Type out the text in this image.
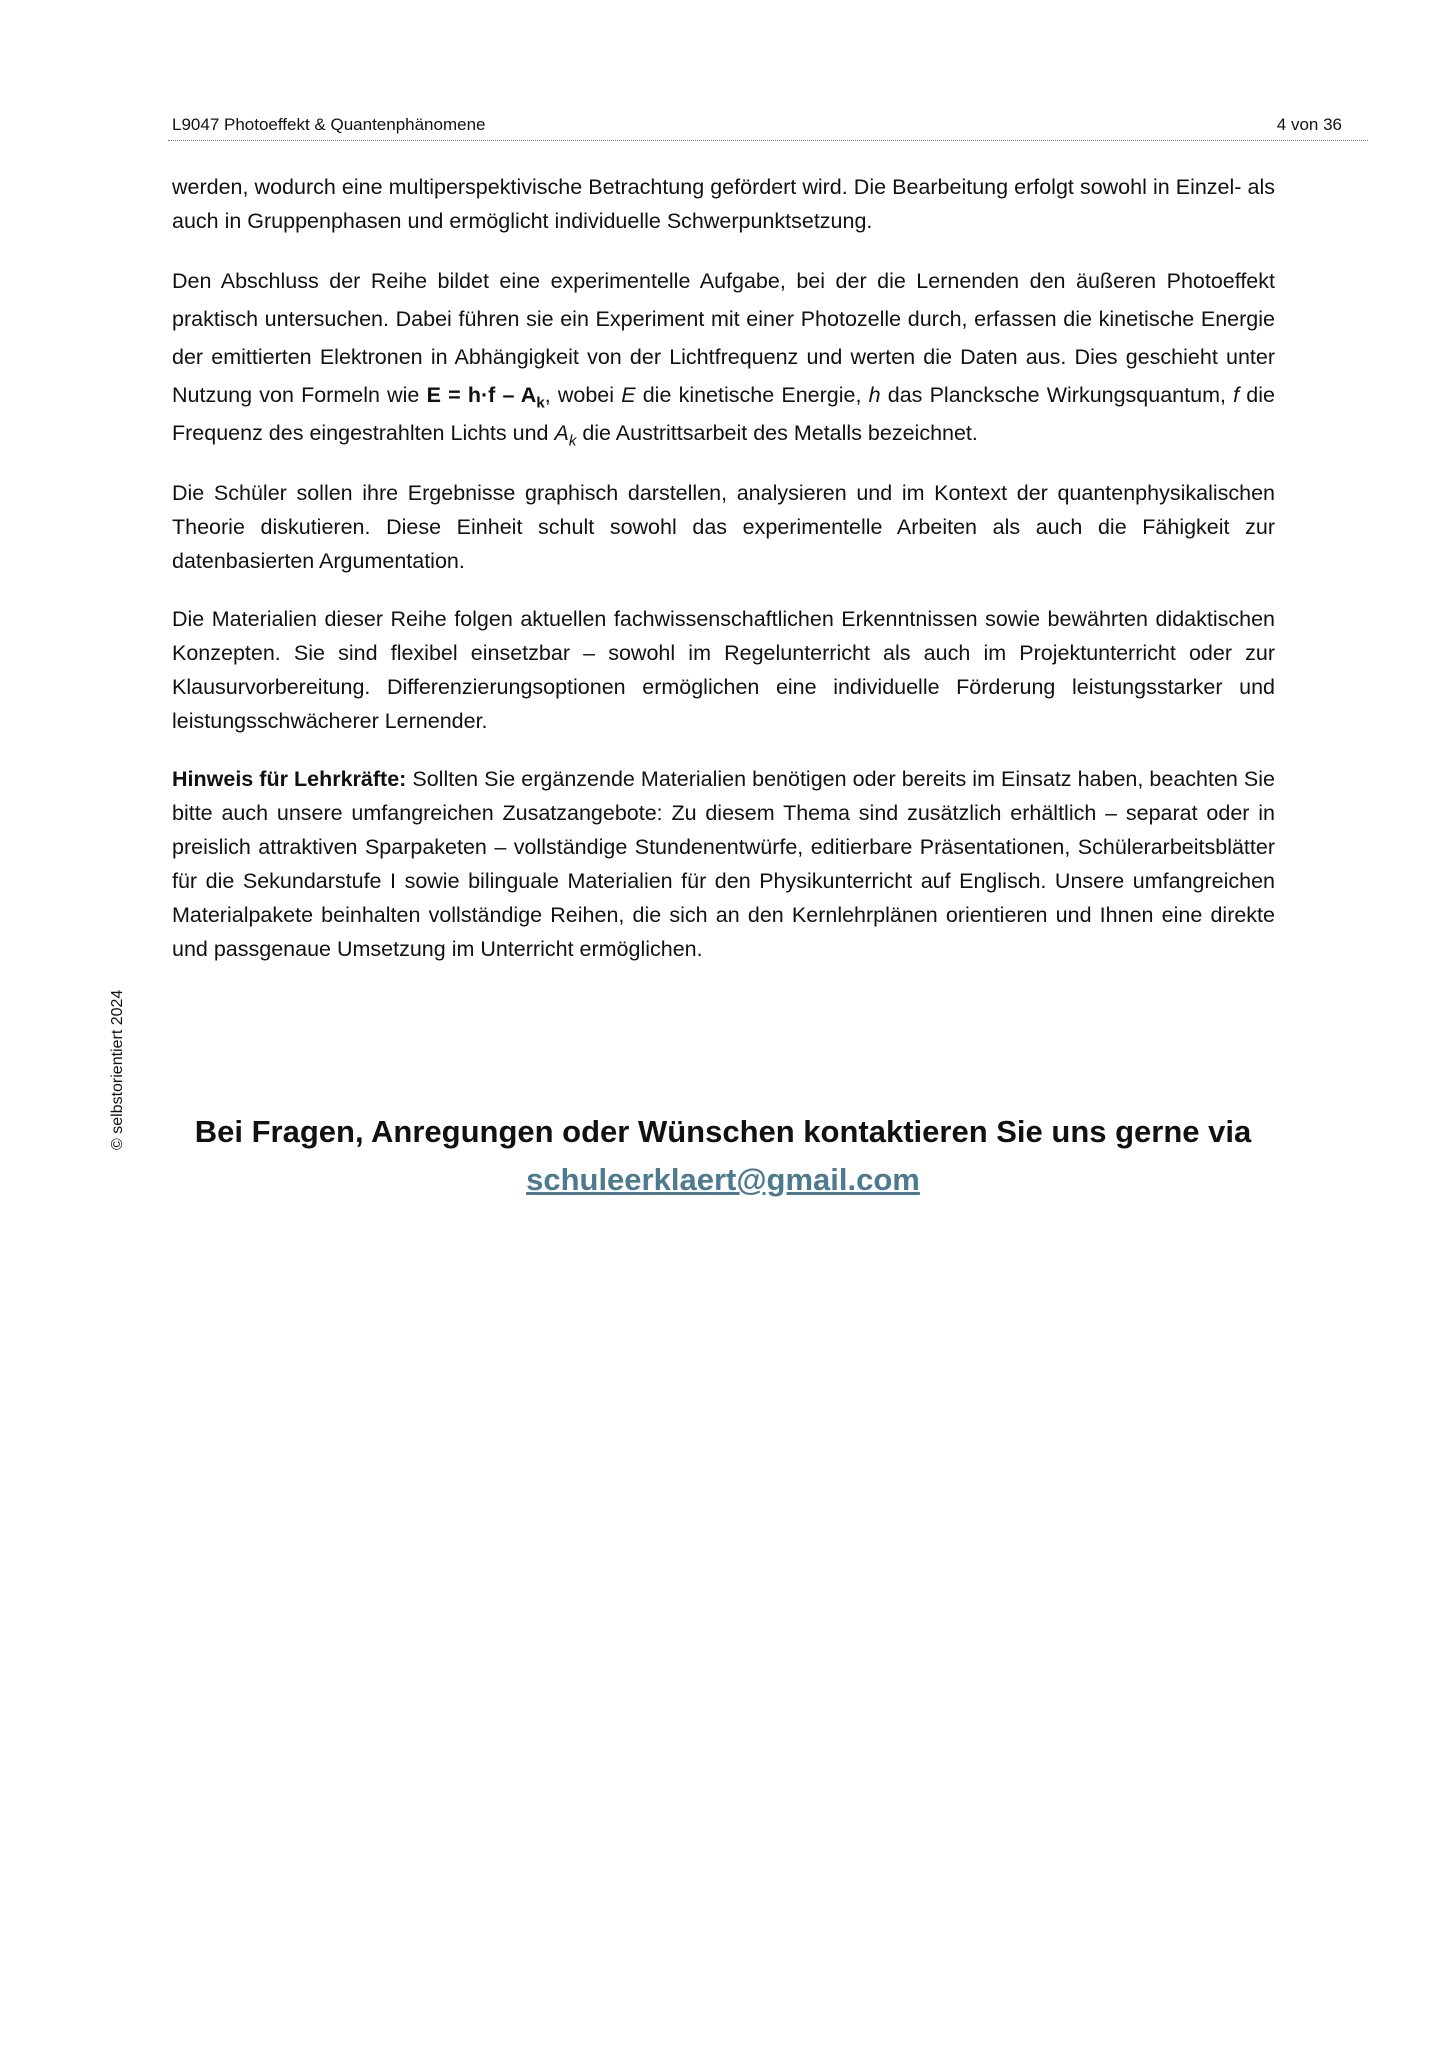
L9047 Photoeffekt & Quantenphänomene	4 von 36
© selbstorientiert 2024

werden, wodurch eine multiperspektivische Betrachtung gefördert wird. Die Bearbeitung erfolgt sowohl in Einzel- als auch in Gruppenphasen und ermöglicht individuelle Schwerpunktsetzung.

Den Abschluss der Reihe bildet eine experimentelle Aufgabe, bei der die Lernenden den äußeren Photoeffekt praktisch untersuchen. Dabei führen sie ein Experiment mit einer Photozelle durch, erfassen die kinetische Energie der emittierten Elektronen in Abhängigkeit von der Lichtfrequenz und werten die Daten aus. Dies geschieht unter Nutzung von Formeln wie $E = h\cdot f - A_k$, wobei E die kinetische Energie, h das Plancksche Wirkungsquantum, f die Frequenz des eingestrahlten Lichts und $A_k$ die Austrittsarbeit des Metalls bezeichnet.

Die Schüler sollen ihre Ergebnisse graphisch darstellen, analysieren und im Kontext der quantenphysikalischen Theorie diskutieren. Diese Einheit schult sowohl das experimentelle Arbeiten als auch die Fähigkeit zur datenbasierten Argumentation.

Die Materialien dieser Reihe folgen aktuellen fachwissenschaftlichen Erkenntnissen sowie bewährten didaktischen Konzepten. Sie sind flexibel einsetzbar – sowohl im Regelunterricht als auch im Projektunterricht oder zur Klausurvorbereitung. Differenzierungsoptionen ermöglichen eine individuelle Förderung leistungsstarker und leistungsschwächerer Lernender.

Hinweis für Lehrkräfte: Sollten Sie ergänzende Materialien benötigen oder bereits im Einsatz haben, beachten Sie bitte auch unsere umfangreichen Zusatzangebote: Zu diesem Thema sind zusätzlich erhältlich – separat oder in preislich attraktiven Sparpaketen – vollständige Stundenentwürfe, editierbare Präsentationen, Schülerarbeitsblätter für die Sekundarstufe I sowie bilinguale Materialien für den Physikunterricht auf Englisch. Unsere umfangreichen Materialpakete beinhalten vollständige Reihen, die sich an den Kernlehrplänen orientieren und Ihnen eine direkte und passgenaue Umsetzung im Unterricht ermöglichen.

Bei Fragen, Anregungen oder Wünschen kontaktieren Sie uns gerne via
schuleerklaert@gmail.com
